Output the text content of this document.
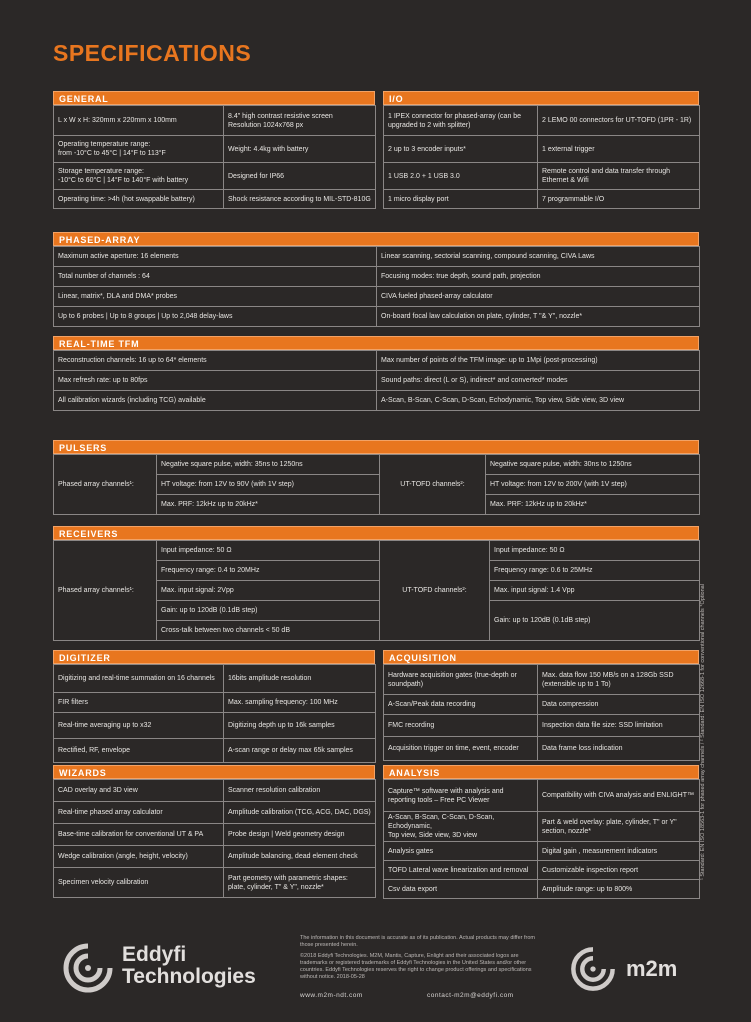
SPECIFICATIONS
GENERAL
L x W x H: 320mm x 220mm x 100mm	8.4" high contrast resistive screen
Resolution 1024x768 px
Operating temperature range:
from -10°C to 45°C | 14°F to 113°F	Weight: 4.4kg with battery
Storage temperature range:
-10°C to 60°C | 14°F to 140°F with battery	Designed for IP66
Operating time: >4h (hot swappable battery)	Shock resistance according to MIL-STD-810G
I/O
1 IPEX connector for phased-array (can be
upgraded to 2 with splitter)	2 LEMO 00 connectors for UT-TOFD (1PR - 1R)
2 up to 3 encoder inputs*	1 external trigger
1 USB 2.0 + 1 USB 3.0	Remote control and data transfer through
Ethernet & Wifi
1 micro display port	7 programmable I/O
PHASED-ARRAY
Maximum active aperture: 16 elements	Linear scanning, sectorial scanning, compound scanning, CIVA Laws
Total number of channels : 64	Focusing modes: true depth, sound path, projection
Linear, matrix*, DLA and DMA* probes	CIVA fueled phased-array calculator
Up to 6 probes | Up to 8 groups | Up to 2,048 delay-laws	On-board focal law calculation on plate, cylinder, T "& Y", nozzle*
REAL-TIME TFM
Reconstruction channels: 16 up to 64* elements	Max number of points of the TFM image: up to 1Mpi (post-processing)
Max refresh rate: up to 80fps	Sound paths: direct (L or S), indirect* and converted* modes
All calibration wizards (including TCG) available	A-Scan, B-Scan, C-Scan, D-Scan, Echodynamic, Top view, Side view, 3D view
PULSERS
Phased array channels¹:	Negative square pulse, width: 35ns to 1250ns	UT-TOFD channels²:	Negative square pulse, width: 30ns to 1250ns
	HT voltage: from 12V to 90V (with 1V step)		HT voltage: from 12V to 200V (with 1V step)
	Max. PRF: 12kHz up to 20kHz*		Max. PRF: 12kHz up to 20kHz*
RECEIVERS
Phased array channels¹:	Input impedance: 50 Ω	UT-TOFD channels²:	Input impedance: 50 Ω
	Frequency range: 0.4 to 20MHz		Frequency range: 0.6 to 25MHz
	Max. input signal: 2Vpp		Max. input signal: 1.4 Vpp
	Gain: up to 120dB (0.1dB step)		Gain: up to 120dB (0.1dB step)
	Cross-talk between two channels < 50 dB		
DIGITIZER
Digitizing and real-time summation on 16 channels	16bits amplitude resolution
FIR filters	Max. sampling frequency: 100 MHz
Real-time averaging up to x32	Digitizing depth up to 16k samples
Rectified, RF, envelope	A-scan range or delay max 65k samples
ACQUISITION
Hardware acquisition gates (true-depth or
soundpath)	Max. data flow 150 MB/s on a 128Gb SSD
(extensible up to 1 To)
A-Scan/Peak data recording	Data compression
FMC recording	Inspection data file size: SSD limitation
Acquisition trigger on time, event, encoder	Data frame loss indication
WIZARDS
CAD overlay and 3D view	Scanner resolution calibration
Real-time phased array calculator	Amplitude calibration (TCG, ACG, DAC, DGS)
Base-time calibration for conventional UT & PA	Probe design | Weld geometry design
Wedge calibration (angle, height, velocity)	Amplitude balancing, dead element check
Specimen velocity calibration	Part geometry with parametric shapes:
plate, cylinder, T" & Y", nozzle*
ANALYSIS
Capture™ software with analysis and
reporting tools – Free PC Viewer	Compatibility with CIVA analysis and ENLIGHT™
A-Scan, B-Scan, C-Scan, D-Scan, Echodynamic,
Top view, Side view, 3D view	Part & weld overlay: plate, cylinder, T" or Y"
section, nozzle*
Analysis gates	Digital gain , measurement indicators
TOFD Lateral wave linearization and removal	Customizable inspection report
Csv data export	Amplitude range: up to 800%
¹ Standard: EN ISO 18563-1 for phased array channels / ² Standard: EN ISO 12668-1 for conventional channels *Optional
Eddyfi
Technologies
The information in this document is accurate as of its publication. Actual products may differ from those presented herein.
©2018 Eddyfi Technologies. M2M, Mantis, Capture, Enlight and their associated logos are trademarks or registered trademarks of Eddyfi Technologies in the United States and/or other countries. Eddyfi Technologies reserves the right to change product offerings and specifications without notice. 2018-05-28
www.m2m-ndt.com	contact-m2m@eddyfi.com
m2m
